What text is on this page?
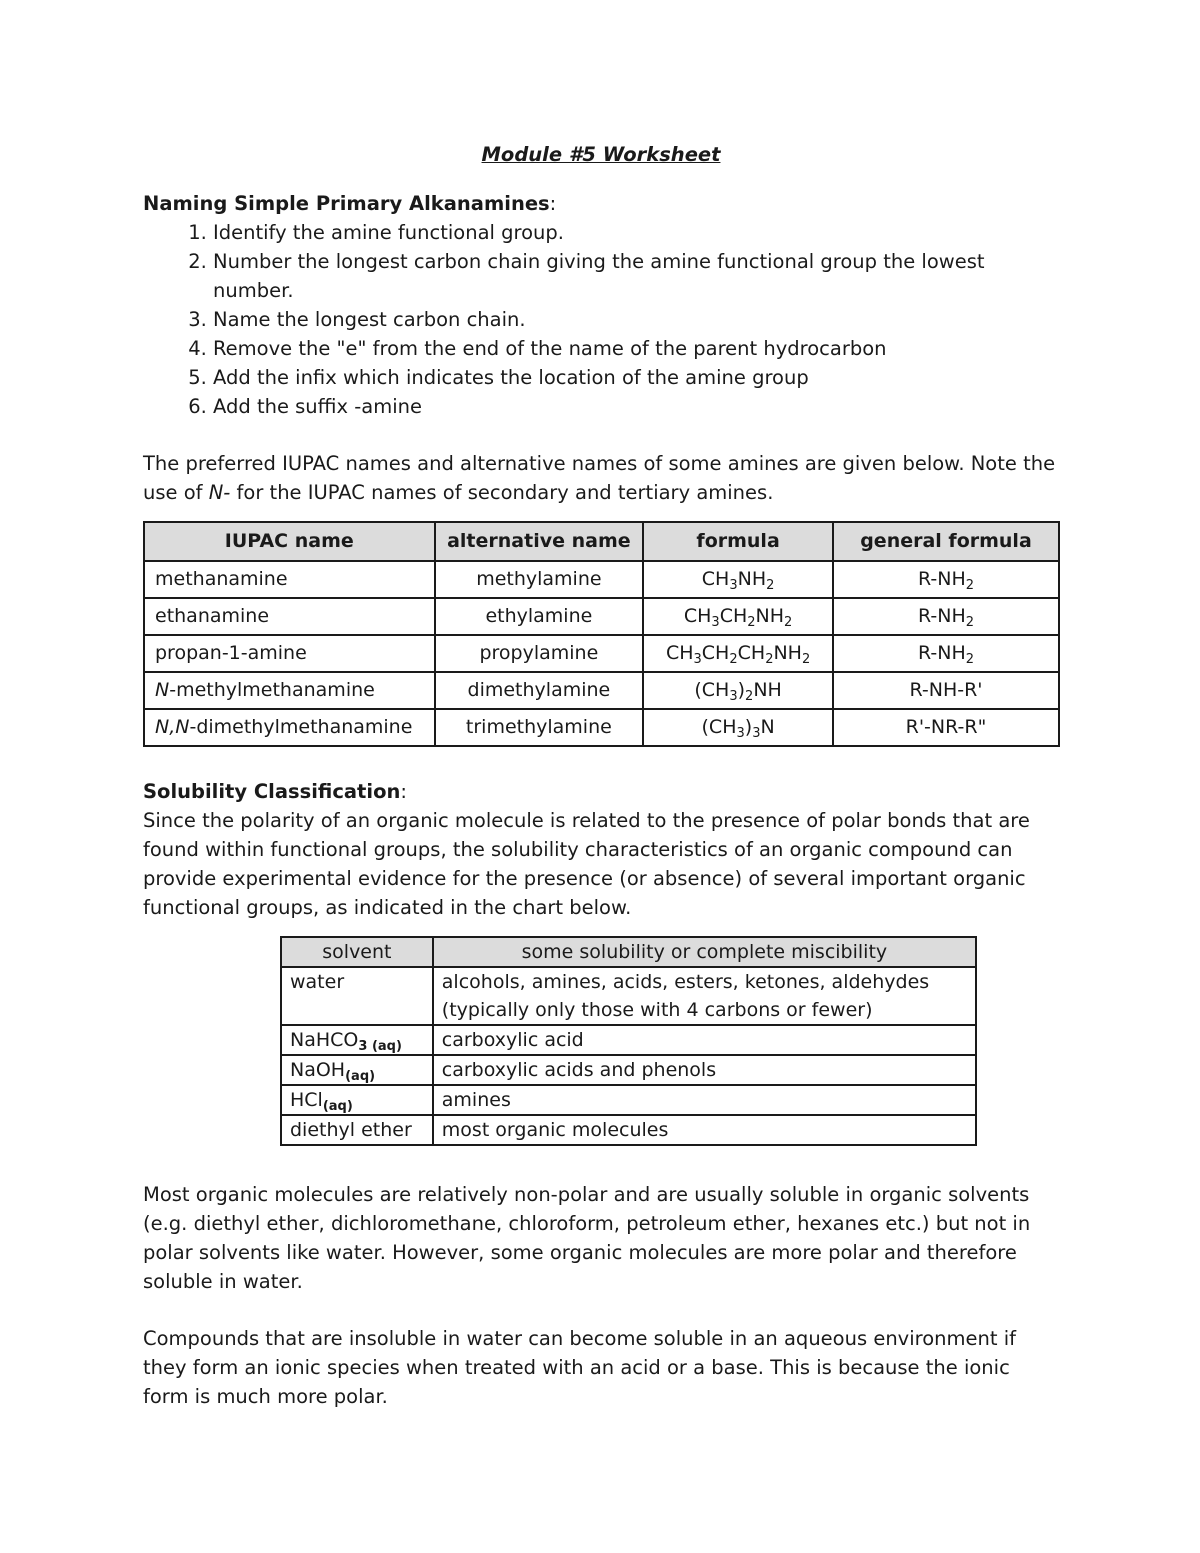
Module #5 Worksheet
Naming Simple Primary Alkanamines:
1. Identify the amine functional group.
2. Number the longest carbon chain giving the amine functional group the lowest number.
3. Name the longest carbon chain.
4. Remove the "e" from the end of the name of the parent hydrocarbon
5. Add the infix which indicates the location of the amine group
6. Add the suffix -amine

The preferred IUPAC names and alternative names of some amines are given below. Note the use of N- for the IUPAC names of secondary and tertiary amines.

IUPAC name	alternative name	formula	general formula
methanamine	methylamine	$CH_3NH_2$	$R-NH_2$
ethanamine	ethylamine	$CH_3CH_2NH_2$	$R-NH_2$
propan-1-amine	propylamine	$CH_3CH_2CH_2NH_2$	$R-NH_2$
N-methylmethanamine	dimethylamine	$(CH_3)_2NH$	R-NH-R'
N,N-dimethylmethanamine	trimethylamine	$(CH_3)_3N$	R'-NR-R"
Solubility Classification:

Since the polarity of an organic molecule is related to the presence of polar bonds that are found within functional groups, the solubility characteristics of an organic compound can provide experimental evidence for the presence (or absence) of several important organic functional groups, as indicated in the chart below.

solvent	some solubility or complete miscibility
water	alcohols, amines, acids, esters, ketones, aldehydes
(typically only those with 4 carbons or fewer)

NaHCO$_{3 (aq)}$	carboxylic acid

NaOH$_{(aq)}$	carboxylic acids and phenols

HCl$_{(aq)}$	amines

diethyl ether	most organic molecules

Most organic molecules are relatively non-polar and are usually soluble in organic solvents (e.g. diethyl ether, dichloromethane, chloroform, petroleum ether, hexanes etc.) but not in polar solvents like water. However, some organic molecules are more polar and therefore soluble in water.

Compounds that are insoluble in water can become soluble in an aqueous environment if they form an ionic species when treated with an acid or a base. This is because the ionic form is much more polar.
